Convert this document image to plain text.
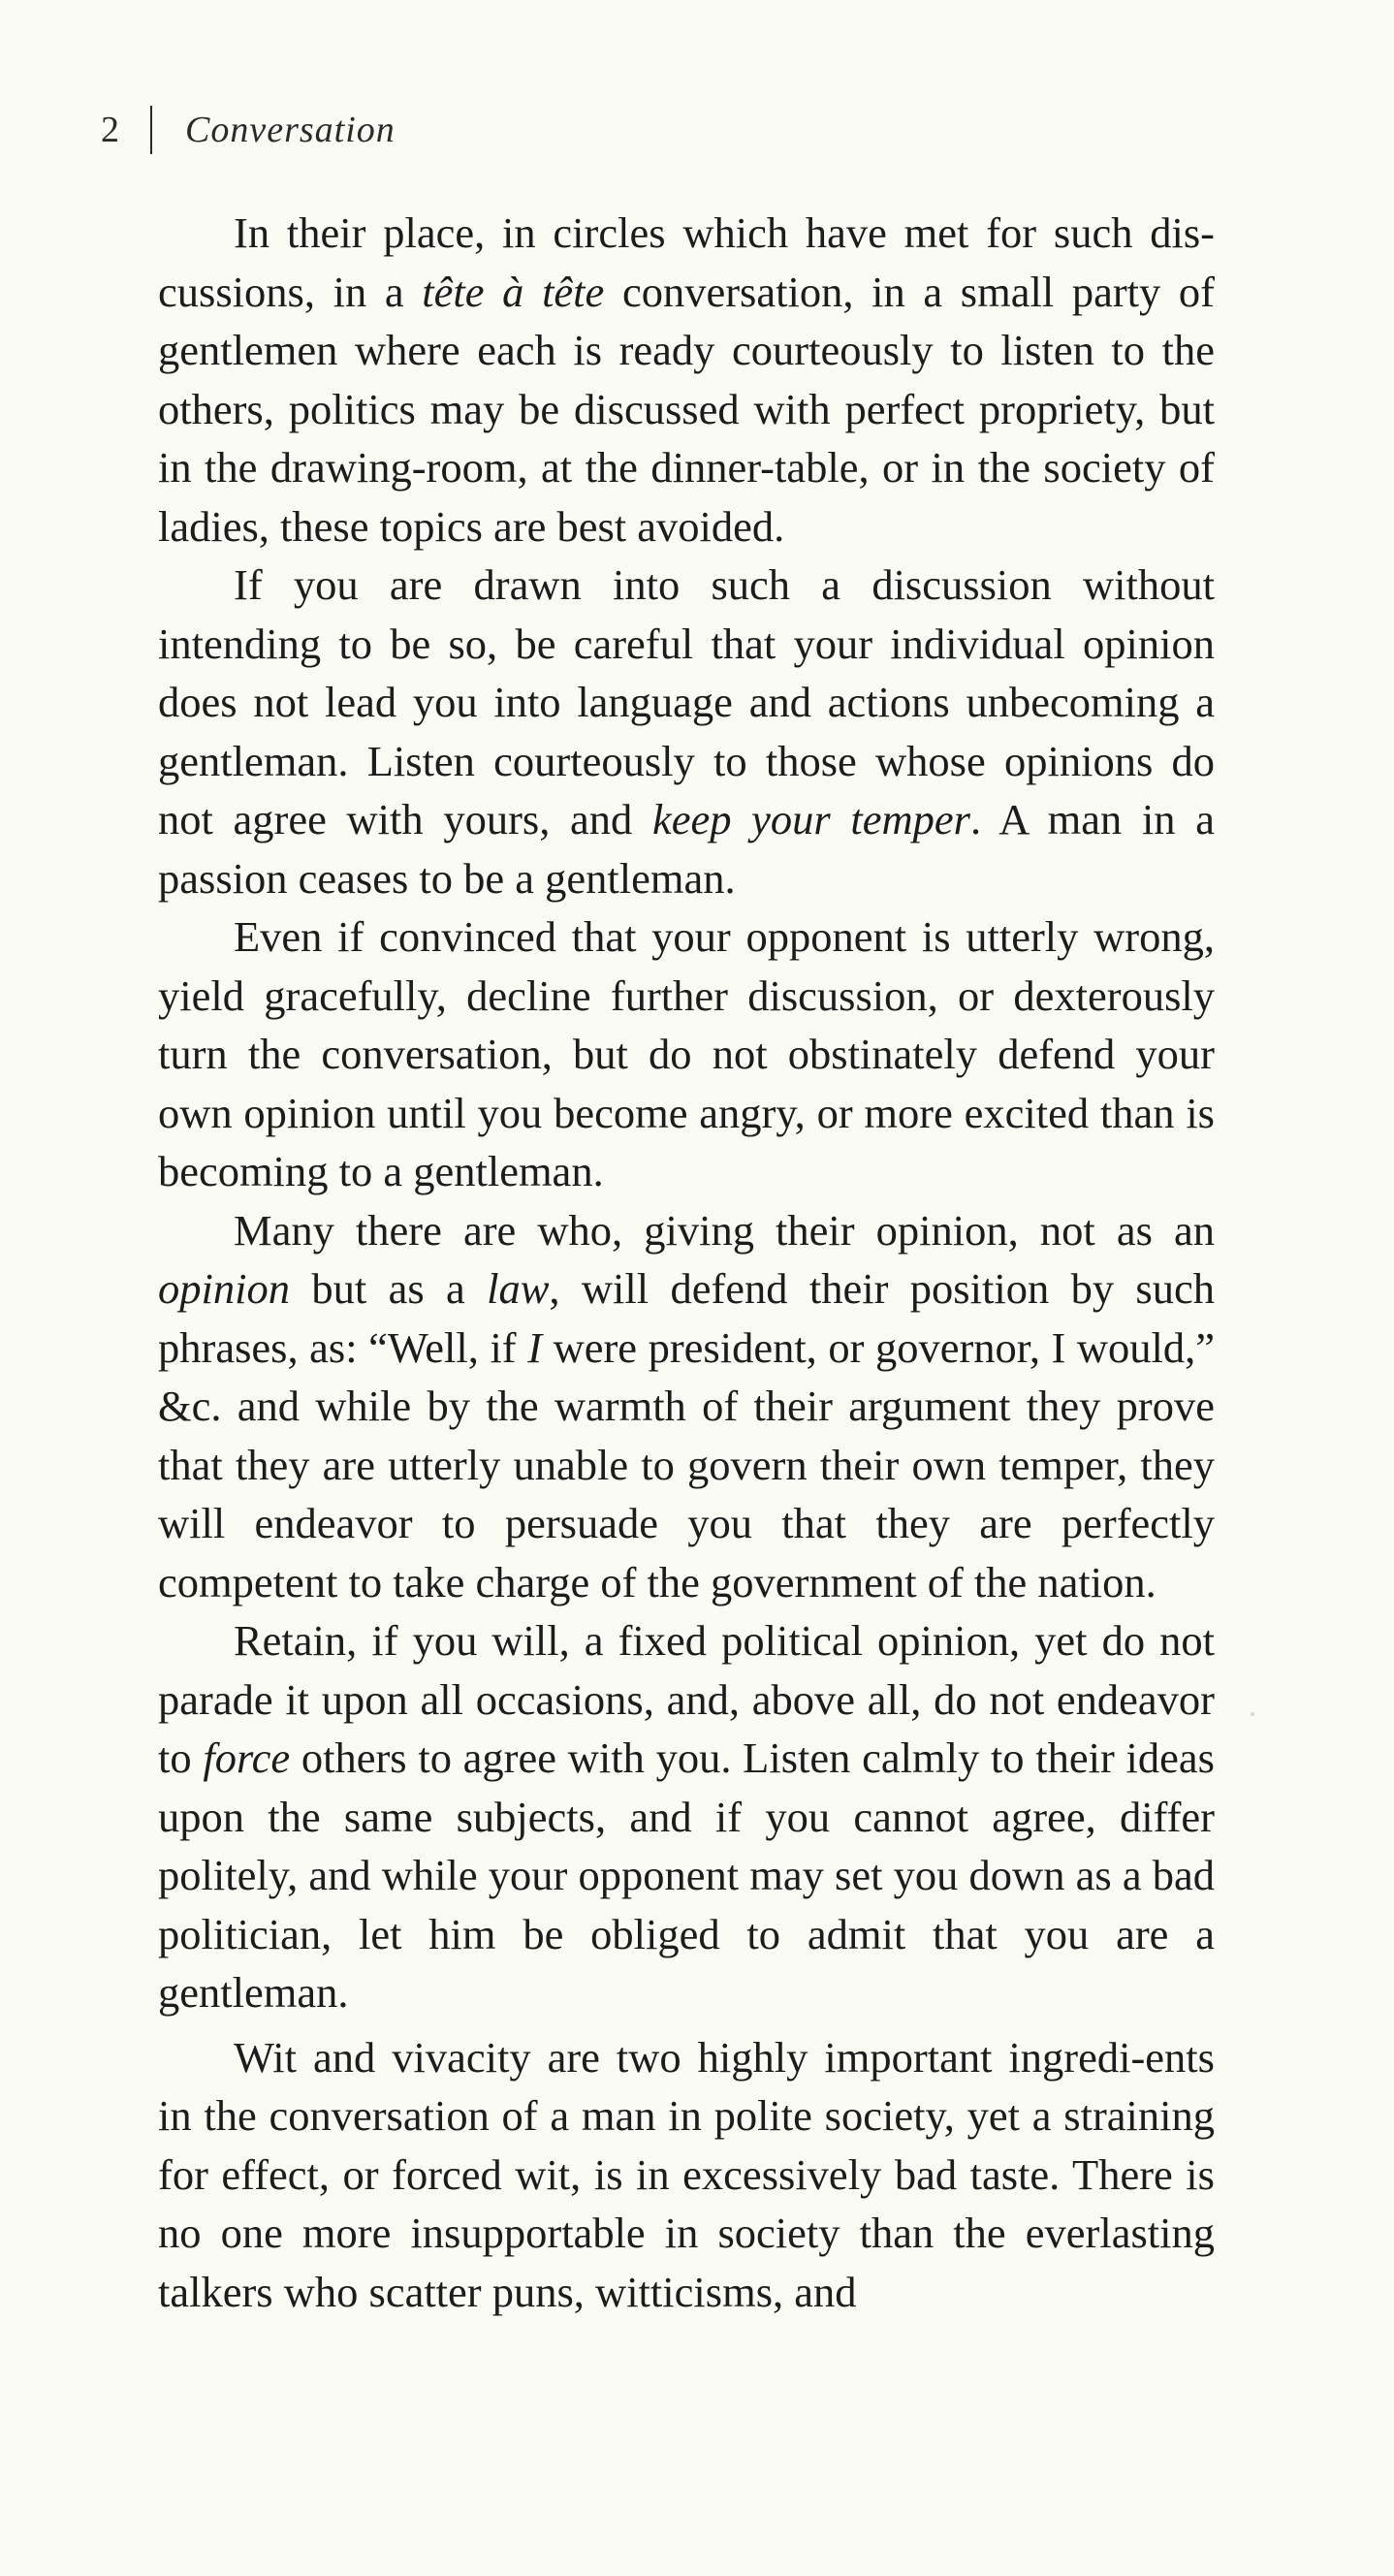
2 Conversation

In their place, in circles which have met for such dis-cussions, in a tête à tête conversation, in a small party of gentlemen where each is ready courteously to listen to the others, politics may be discussed with perfect propriety, but in the drawing-room, at the dinner-table, or in the society of ladies, these topics are best avoided.

If you are drawn into such a discussion without intending to be so, be careful that your individual opinion does not lead you into language and actions unbecoming a gentleman. Listen courteously to those whose opinions do not agree with yours, and keep your temper. A man in a passion ceases to be a gentleman.

Even if convinced that your opponent is utterly wrong, yield gracefully, decline further discussion, or dexterously turn the conversation, but do not obstinately defend your own opinion until you become angry, or more excited than is becoming to a gentleman.

Many there are who, giving their opinion, not as an opinion but as a law, will defend their position by such phrases, as: “Well, if I were president, or governor, I would,” &c. and while by the warmth of their argument they prove that they are utterly unable to govern their own temper, they will endeavor to persuade you that they are perfectly competent to take charge of the government of the nation.

Retain, if you will, a fixed political opinion, yet do not parade it upon all occasions, and, above all, do not endeavor to force others to agree with you. Listen calmly to their ideas upon the same subjects, and if you cannot agree, differ politely, and while your opponent may set you down as a bad politician, let him be obliged to admit that you are a gentleman.

Wit and vivacity are two highly important ingredi-ents in the conversation of a man in polite society, yet a straining for effect, or forced wit, is in excessively bad taste. There is no one more insupportable in society than the everlasting talkers who scatter puns, witticisms, and
